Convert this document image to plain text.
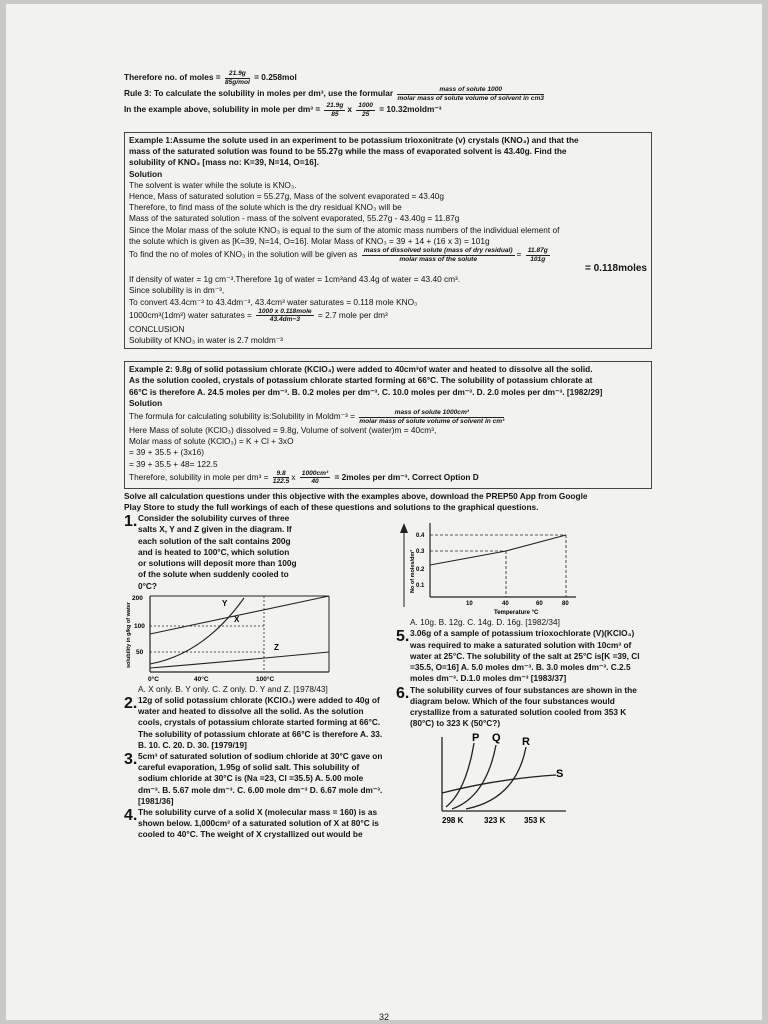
Therefore no. of moles = $\frac{21.9g}{\text{85g/mol}} = 0.258mol$
Rule 3: To calculate the solubility in moles per dm³, use the formular $\frac{\text{mass of solute 1000}}{\text{molar mass of solute volume of solvent in cm3}}$
In the example above, solubility in mole per $dm^3 = \frac{21.9g}{85}$ x $\frac{1000}{25}$ = 10.32moldm⁻³
Example 1:Assume the solute used in an experiment to be potassium trioxonitrate (v) crystals (KNO₃) and that the
mass of the saturated solution was found to be 55.27g while the mass of evaporated solvent is 43.40g. Find the
solubility of KNO₃ [mass no: K=39, N=14, O=16].
Solution
The solvent is water while the solute is KNO₃.
Hence, Mass of saturated solution = 55.27g, Mass of the solvent evaporated = 43.40g
Therefore, to find mass of the solute which is the dry residual KNO₃ will be
Mass of the saturated solution - mass of the solvent evaporated, 55.27g - 43.40g = 11.87g
Since the Molar mass of the solute KNO₃ is equal to the sum of the atomic mass numbers of the individual element of
the solute which is given as [K=39, N=14, O=16]. Molar Mass of KNO₃ = 39 + 14 + (16 x 3) = 101g
To find the no of moles of KNO₃ in the solution will be given as $\frac{\text{mass of dissolved solute (mass of dry residual)}}{\text{molar mass of the solute}} = \frac{11.87g}{101g}$
= 0.118moles
If density of water = 1g cm⁻³.Therefore 1g of water = 1cm³and 43.4g of water = 43.40 cm³.
Since solubility is in dm⁻³,
To convert 43.4cm⁻³ to 43.4dm⁻³, 43.4cm³ water saturates = 0.118 mole KNO₃
1000cm³(1dm³) water saturates = $\frac{\text{1000 x 0.118mole}}{43.4dm-3} = 2.7$ mole per dm³
CONCLUSION
Solubility of KNO₃ in water is 2.7 moldm⁻³
Example 2: 9.8g of solid potassium chlorate (KClO₃) were added to 40cm³of water and heated to dissolve all the solid.
As the solution cooled, crystals of potassium chlorate started forming at 66°C. The solubility of potassium chlorate at
66°C is therefore A. 24.5 moles per dm⁻³. B. 0.2 moles per dm⁻³. C. 10.0 moles per dm⁻³. D. 2.0 moles per dm⁻³. [1982/29]
Solution
The formula for calculating solubility is:Solubility in Moldm⁻³ = $\frac{\text{mass of solute 1000cm³}}{\text{molar mass of solute volume of solvent in cm³}}$
Here Mass of solute (KClO₃) dissolved = 9.8g, Volume of solvent (water)m = 40cm³,
Molar mass of solute (KClO₃) = K + Cl + 3xO
= 39 + 35.5 + (3x16)
= 39 + 35.5 + 48= 122.5
Therefore, solubility in mole per $dm^3 = \frac{9.8}{122.5}$ x $\frac{\text{1000cm³}}{40}$ = 2moles per dm⁻³. Correct Option D
Solve all calculation questions under this objective with the examples above, download the PREP50 App from Google
Play Store to study the full workings of each of these questions and solutions to the graphical questions.
1. Consider the solubility curves of three salts X, Y and Z given in the diagram. If each solution of the salt contains 200g and is heated to 100°C, which solution or solutions will deposit more than 100g of the solute when suddenly cooled to 0°C?
Y
X
Z
200
100
50
0°C	40°C	100°C
solubility in g/kg of water
A. X only. B. Y only. C. Z only. D. Y and Z. [1978/43]
2. 12g of solid potassium chlorate (KClO₃) were added to 40g of water and heated to dissolve all the solid. As the solution cools, crystals of potassium chlorate started forming at 66°C. The solubility of potassium chlorate at 66°C is therefore A. 33. B. 10. C. 20. D. 30. [1979/19]
3. 5cm³ of saturated solution of sodium chloride at 30°C gave on careful evaporation, 1.95g of solid salt. This solubility of sodium chloride at 30°C is (Na =23, Cl =35.5) A. 5.00 mole dm⁻³. B. 5.67 mole dm⁻³. C. 6.00 mole dm⁻³ D. 6.67 mole dm⁻³. [1981/36]
4. The solubility curve of a solid X (molecular mass = 160) is as shown below. 1,000cm³ of a saturated solution of X at 80°C is cooled to 40°C. The weight of X crystallized out would be
0.4
0.3
0.2
0.1
10	40	60	80
Temperature °C
No of moles/dm³
A. 10g. B. 12g. C. 14g. D. 16g. [1982/34]
5. 3.06g of a sample of potassium trioxochlorate (V)(KClO₃) was required to make a saturated solution with 10cm³ of water at 25°C. The solubility of the salt at 25°C is[K =39, Cl =35.5, O=16] A. 5.0 moles dm⁻³. B. 3.0 moles dm⁻³. C.2.5 moles dm⁻³. D.1.0 moles dm⁻³ [1983/37]
6. The solubility curves of four substances are shown in the diagram below. Which of the four substances would crystallize from a saturated solution cooled from 353 K (80°C) to 323 K (50°C?)
P Q R
S
298 K	323 K 353 K
32
